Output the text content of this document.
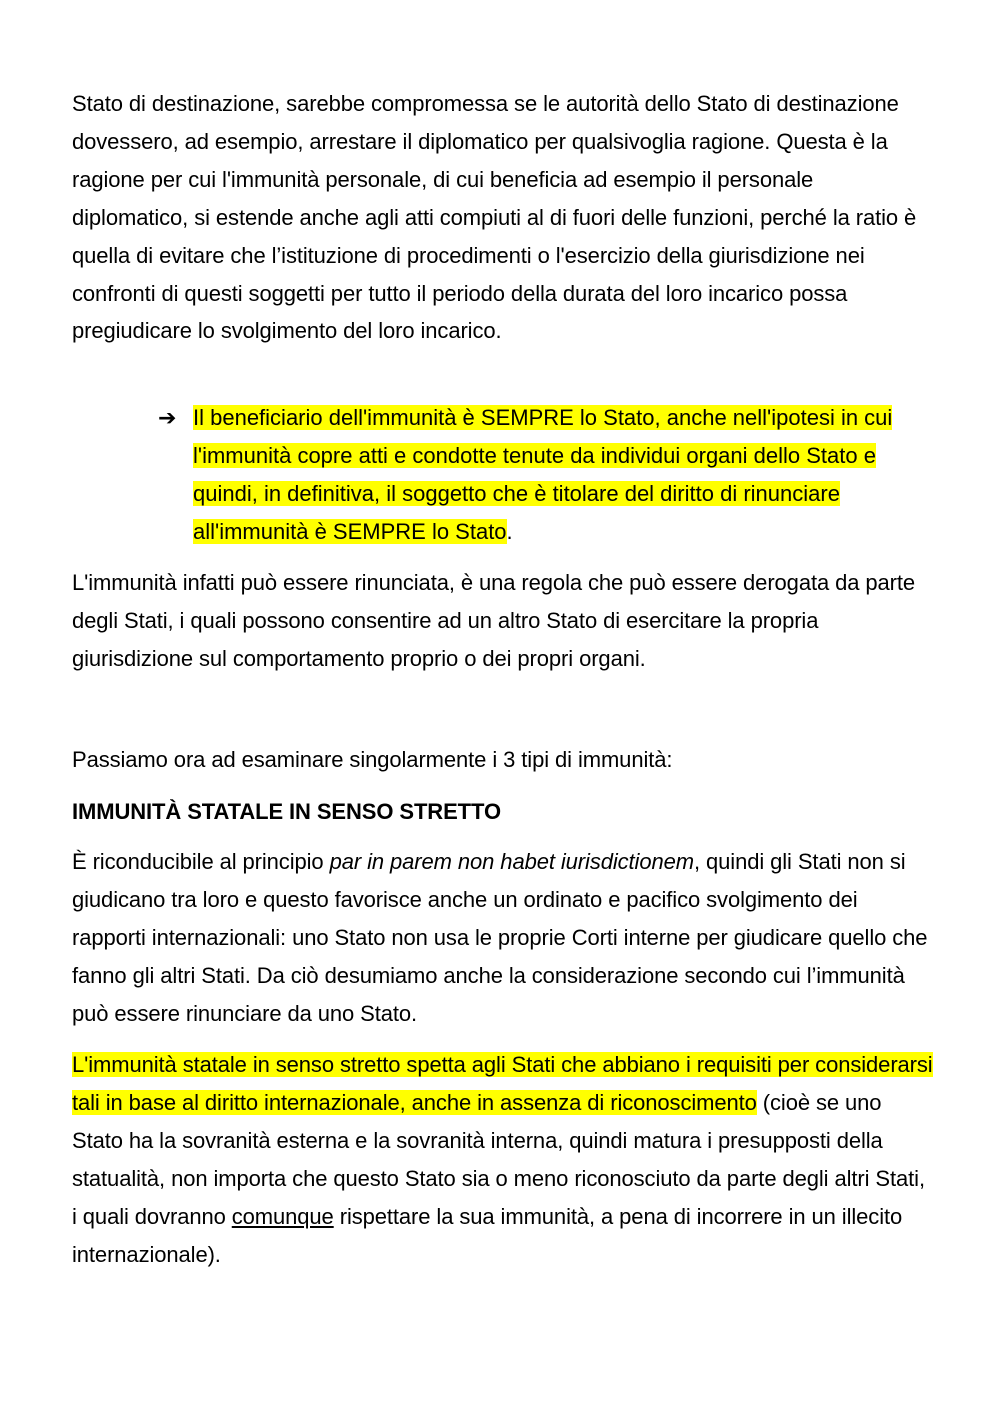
Stato di destinazione, sarebbe compromessa se le autorità dello Stato di destinazione dovessero, ad esempio, arrestare il diplomatico per qualsivoglia ragione. Questa è la ragione per cui l'immunità personale, di cui beneficia ad esempio il personale diplomatico, si estende anche agli atti compiuti al di fuori delle funzioni, perché la ratio è quella di evitare che l’istituzione di procedimenti o l'esercizio della giurisdizione nei confronti di questi soggetti per tutto il periodo della durata del loro incarico possa pregiudicare lo svolgimento del loro incarico.

➔ Il beneficiario dell'immunità è SEMPRE lo Stato, anche nell'ipotesi in cui l'immunità copre atti e condotte tenute da individui organi dello Stato e quindi, in definitiva, il soggetto che è titolare del diritto di rinunciare all'immunità è SEMPRE lo Stato.

L'immunità infatti può essere rinunciata, è una regola che può essere derogata da parte degli Stati, i quali possono consentire ad un altro Stato di esercitare la propria giurisdizione sul comportamento proprio o dei propri organi.

Passiamo ora ad esaminare singolarmente i 3 tipi di immunità:

IMMUNITÀ STATALE IN SENSO STRETTO

È riconducibile al principio par in parem non habet iurisdictionem, quindi gli Stati non si giudicano tra loro e questo favorisce anche un ordinato e pacifico svolgimento dei rapporti internazionali: uno Stato non usa le proprie Corti interne per giudicare quello che fanno gli altri Stati. Da ciò desumiamo anche la considerazione secondo cui l’immunità può essere rinunciare da uno Stato.

L'immunità statale in senso stretto spetta agli Stati che abbiano i requisiti per considerarsi tali in base al diritto internazionale, anche in assenza di riconoscimento (cioè se uno Stato ha la sovranità esterna e la sovranità interna, quindi matura i presupposti della statualità, non importa che questo Stato sia o meno riconosciuto da parte degli altri Stati, i quali dovranno comunque rispettare la sua immunità, a pena di incorrere in un illecito internazionale).
